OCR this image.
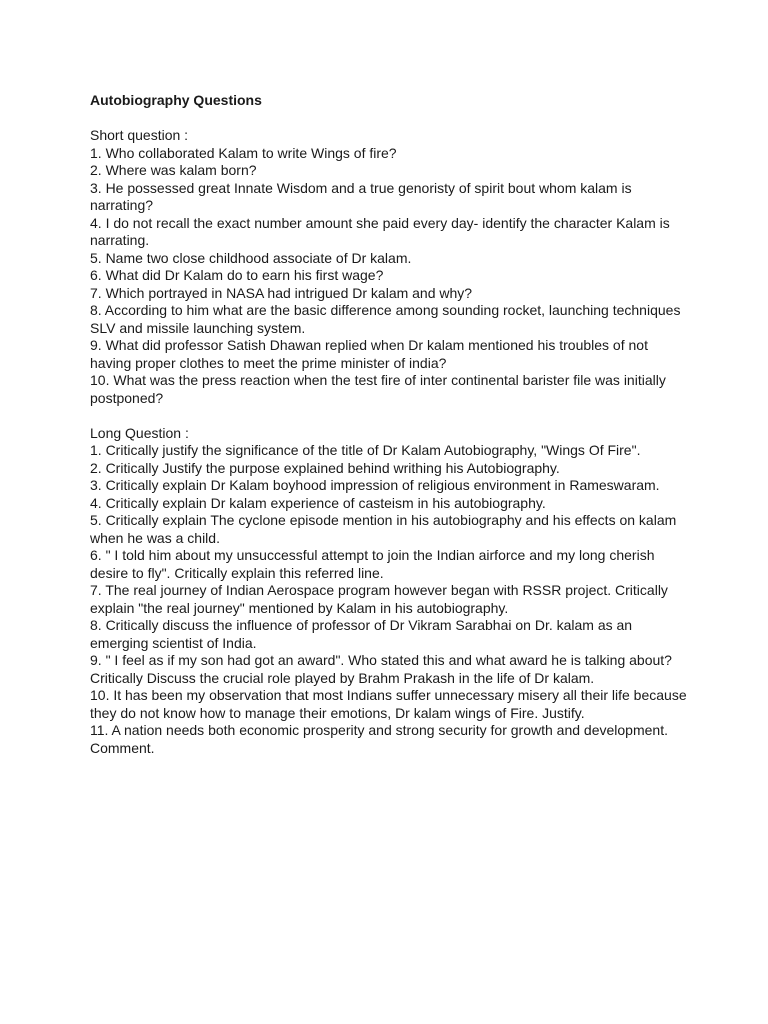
Autobiography Questions

Short question :

1. Who collaborated Kalam to write Wings of fire?
2. Where was kalam born?
3. He possessed great Innate Wisdom and a true genoristy of spirit bout whom kalam is narrating?
4. I do not recall the exact number amount she paid every day- identify the character Kalam is narrating.
5. Name two close childhood associate of Dr kalam.
6. What did Dr Kalam do to earn his first wage?
7. Which portrayed in NASA had intrigued Dr kalam and why?
8. According to him what are the basic difference among sounding rocket, launching techniques SLV and missile launching system.
9. What did professor Satish Dhawan replied when Dr kalam mentioned his troubles of not having proper clothes to meet the prime minister of india?
10. What was the press reaction when the test fire of inter continental barister file was initially postponed?

Long Question :

1. Critically justify the significance of the title of Dr Kalam Autobiography, "Wings Of Fire".
2. Critically Justify the purpose explained behind writhing his Autobiography.
3. Critically explain Dr Kalam boyhood impression of religious environment in Rameswaram.
4. Critically explain Dr kalam experience of casteism in his autobiography.
5. Critically explain The cyclone episode mention in his autobiography and his effects on kalam when he was a child.
6. " I told him about my unsuccessful attempt to join the Indian airforce and my long cherish desire to fly". Critically explain this referred line.
7. The real journey of Indian Aerospace program however began with RSSR project. Critically explain "the real journey" mentioned by Kalam in his autobiography.
8. Critically discuss the influence of professor of Dr Vikram Sarabhai on Dr. kalam as an emerging scientist of India.
9. " I feel as if my son had got an award". Who stated this and what award he is talking about? Critically Discuss the crucial role played by Brahm Prakash in the life of Dr kalam.
10. It has been my observation that most Indians suffer unnecessary misery all their life because they do not know how to manage their emotions, Dr kalam wings of Fire. Justify.
11. A nation needs both economic prosperity and strong security for growth and development. Comment.
